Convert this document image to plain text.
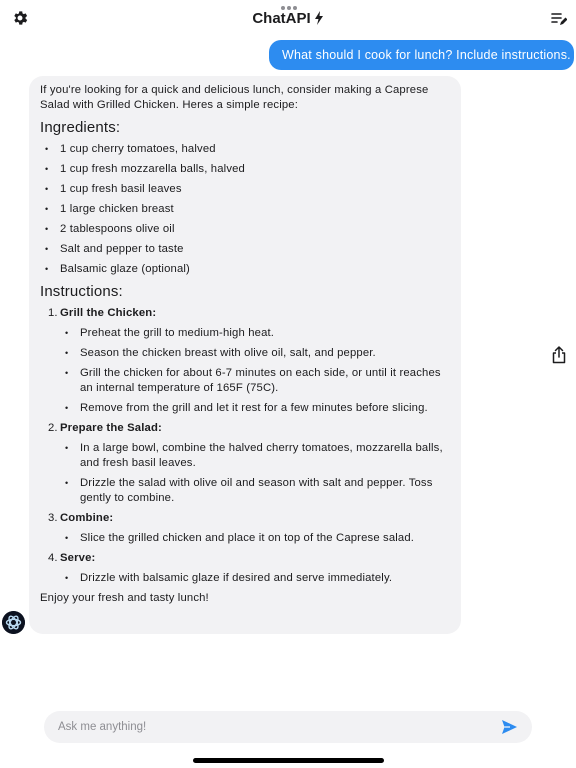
ChatAPI
What should I cook for lunch? Include instructions.

If you're looking for a quick and delicious lunch, consider making a Caprese Salad with Grilled Chicken. Heres a simple recipe:

Ingredients:
• 1 cup cherry tomatoes, halved
• 1 cup fresh mozzarella balls, halved
• 1 cup fresh basil leaves
• 1 large chicken breast
• 2 tablespoons olive oil
• Salt and pepper to taste
• Balsamic glaze (optional)
Instructions:
1. Grill the Chicken:
• Preheat the grill to medium-high heat.
• Season the chicken breast with olive oil, salt, and pepper.
• Grill the chicken for about 6-7 minutes on each side, or until it reaches an internal temperature of 165F (75C).
• Remove from the grill and let it rest for a few minutes before slicing.
2. Prepare the Salad:
• In a large bowl, combine the halved cherry tomatoes, mozzarella balls, and fresh basil leaves.
• Drizzle the salad with olive oil and season with salt and pepper. Toss gently to combine.
3. Combine:
• Slice the grilled chicken and place it on top of the Caprese salad.
4. Serve:
• Drizzle with balsamic glaze if desired and serve immediately.

Enjoy your fresh and tasty lunch!

Ask me anything!
